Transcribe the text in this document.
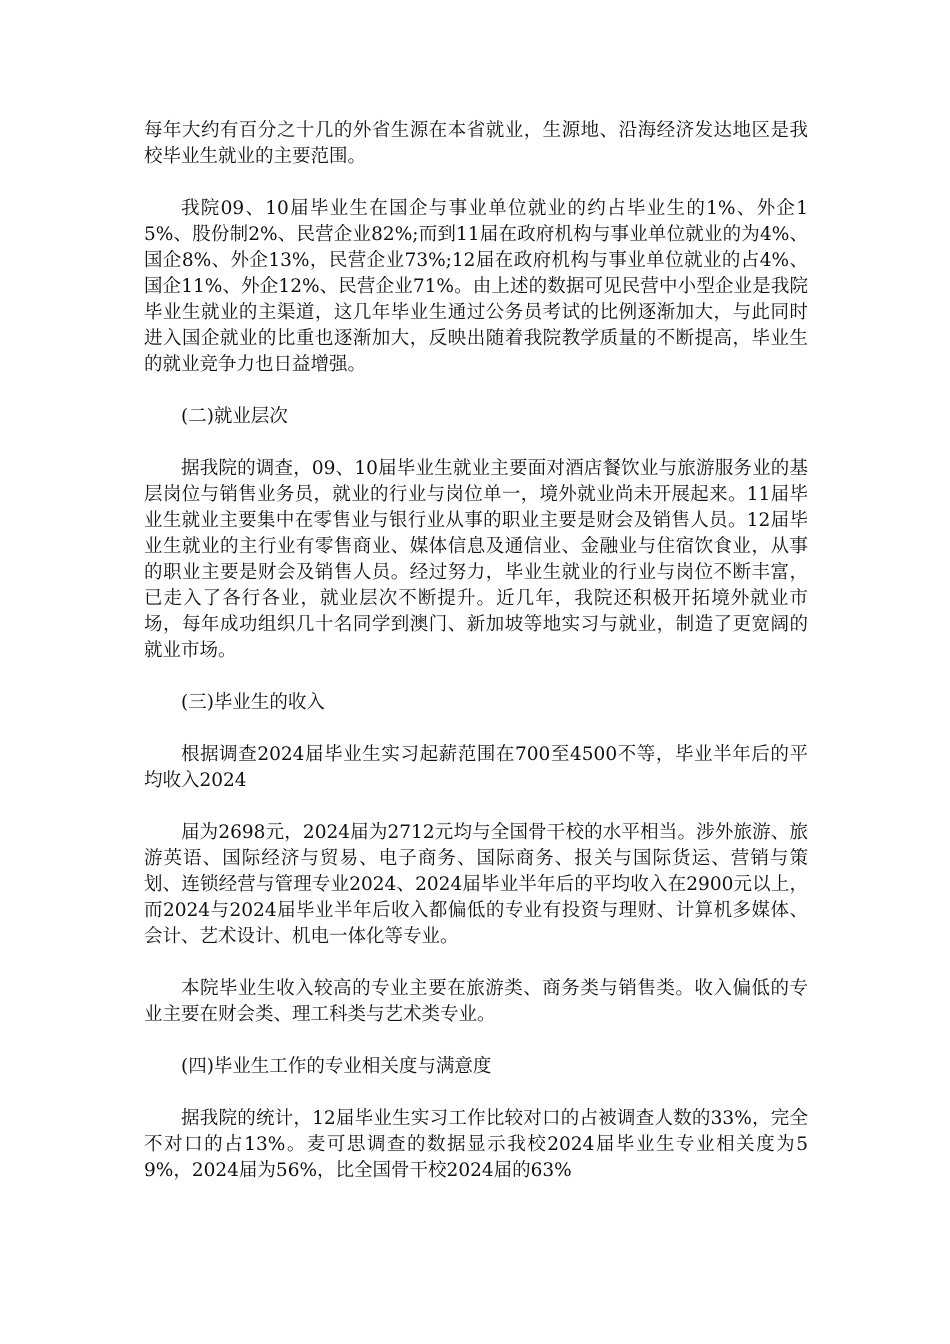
每年大约有百分之十几的外省生源在本省就业，生源地、沿海经济发达地区是我校毕业生就业的主要范围。

我院09、10届毕业生在国企与事业单位就业的约占毕业生的1%、外企15%、股份制2%、民营企业82%;而到11届在政府机构与事业单位就业的为4%、国企8%、外企13%，民营企业73%;12届在政府机构与事业单位就业的占4%、国企11%、外企12%、民营企业71%。由上述的数据可见民营中小型企业是我院毕业生就业的主渠道，这几年毕业生通过公务员考试的比例逐渐加大，与此同时进入国企就业的比重也逐渐加大，反映出随着我院教学质量的不断提高，毕业生的就业竞争力也日益增强。

(二)就业层次

据我院的调查，09、10届毕业生就业主要面对酒店餐饮业与旅游服务业的基层岗位与销售业务员，就业的行业与岗位单一，境外就业尚未开展起来。11届毕业生就业主要集中在零售业与银行业从事的职业主要是财会及销售人员。12届毕业生就业的主行业有零售商业、媒体信息及通信业、金融业与住宿饮食业，从事的职业主要是财会及销售人员。经过努力，毕业生就业的行业与岗位不断丰富，已走入了各行各业，就业层次不断提升。近几年，我院还积极开拓境外就业市场，每年成功组织几十名同学到澳门、新加坡等地实习与就业，制造了更宽阔的就业市场。

(三)毕业生的收入

根据调查2024届毕业生实习起薪范围在700至4500不等，毕业半年后的平均收入2024

届为2698元，2024届为2712元均与全国骨干校的水平相当。涉外旅游、旅游英语、国际经济与贸易、电子商务、国际商务、报关与国际货运、营销与策划、连锁经营与管理专业2024、2024届毕业半年后的平均收入在2900元以上，而2024与2024届毕业半年后收入都偏低的专业有投资与理财、计算机多媒体、会计、艺术设计、机电一体化等专业。

本院毕业生收入较高的专业主要在旅游类、商务类与销售类。收入偏低的专业主要在财会类、理工科类与艺术类专业。

(四)毕业生工作的专业相关度与满意度

据我院的统计，12届毕业生实习工作比较对口的占被调查人数的33%，完全不对口的占13%。麦可思调查的数据显示我校2024届毕业生专业相关度为59%，2024届为56%，比全国骨干校2024届的63%
